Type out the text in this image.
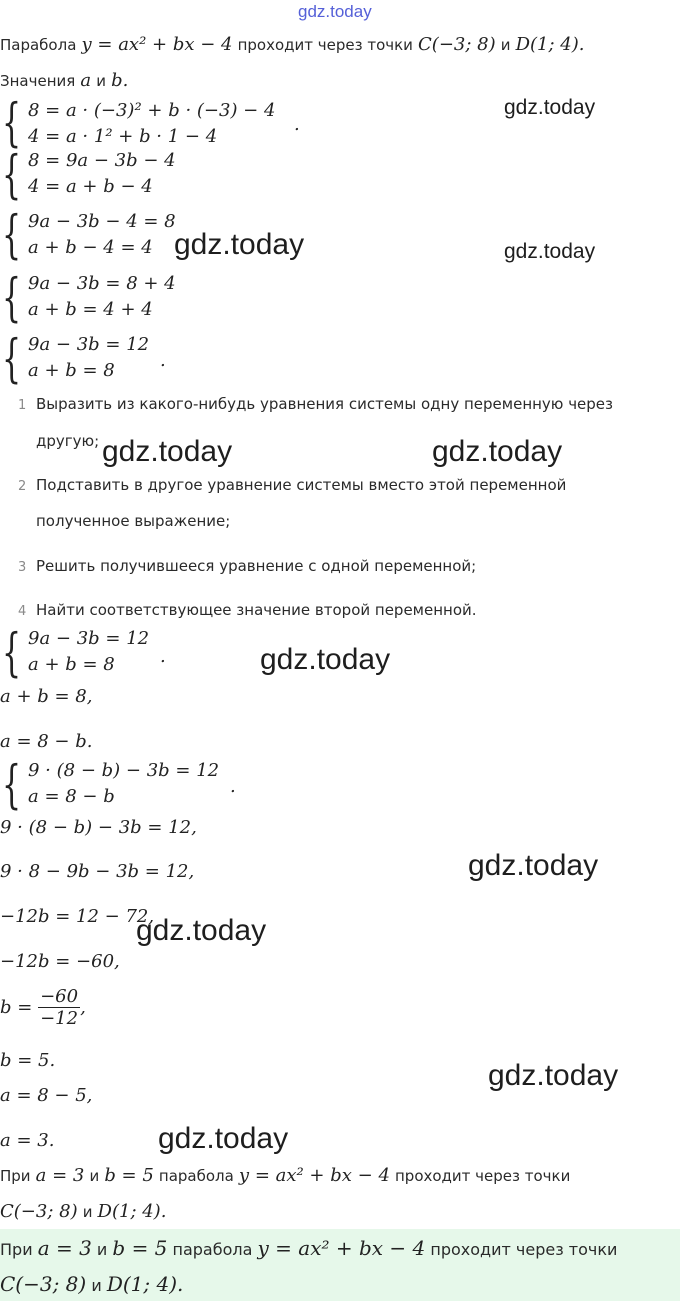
gdz.today
Парабола y = ax² + bx − 4 проходит через точки C(−3; 8) и D(1; 4).
Значения a и b.
{ 8 = a · (−3)² + b · (−3) − 4
4 = a · 1² + b · 1 − 4
.
{ 8 = 9a − 3b − 4
4 = a + b − 4
{ 9a − 3b − 4 = 8
a + b − 4 = 4
{ 9a − 3b = 8 + 4
a + b = 4 + 4
{ 9a − 3b = 12
a + b = 8	.
1 Выразить из какого-нибудь уравнения системы одну переменную через
другую;
2 Подставить в другое уравнение системы вместо этой переменной
полученное выражение;
3 Решить получившееся уравнение с одной переменной;
4 Найти соответствующее значение второй переменной.
{ 9a − 3b = 12
a + b = 8	.
a + b = 8,
a = 8 − b.
{ 9 · (8 − b) − 3b = 12
a = 8 − b	.
9 · (8 − b) − 3b = 12,
9 · 8 − 9b − 3b = 12,
−12b = 12 − 72,
−12b = −60,
$b = \frac{-60}{-12}$ ,
b = 5.
a = 8 − 5,
a = 3.
При a = 3 и b = 5 парабола y = ax² + bx − 4 проходит через точки
C(−3; 8) и D(1; 4).
При a = 3 и b = 5 парабола y = ax² + bx − 4 проходит через точки
C(−3; 8) и D(1; 4).
gdz.today
gdz.today	gdz.today
gdz.today	gdz.today
gdz.today
gdz.today
gdz.today
gdz.today
gdz.today
